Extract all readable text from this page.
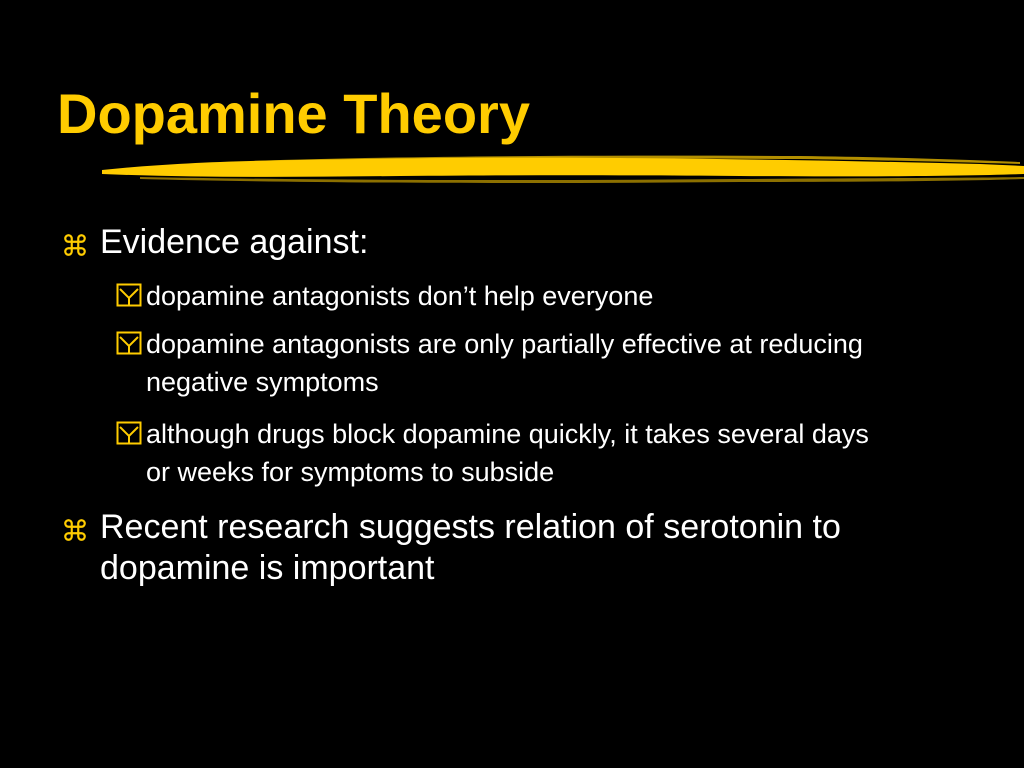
Dopamine Theory
Evidence against:
dopamine antagonists don’t help everyone
dopamine antagonists are only partially effective at reducing negative symptoms
although drugs block dopamine quickly, it takes several days or weeks for symptoms to subside
Recent research suggests relation of serotonin to dopamine is important
